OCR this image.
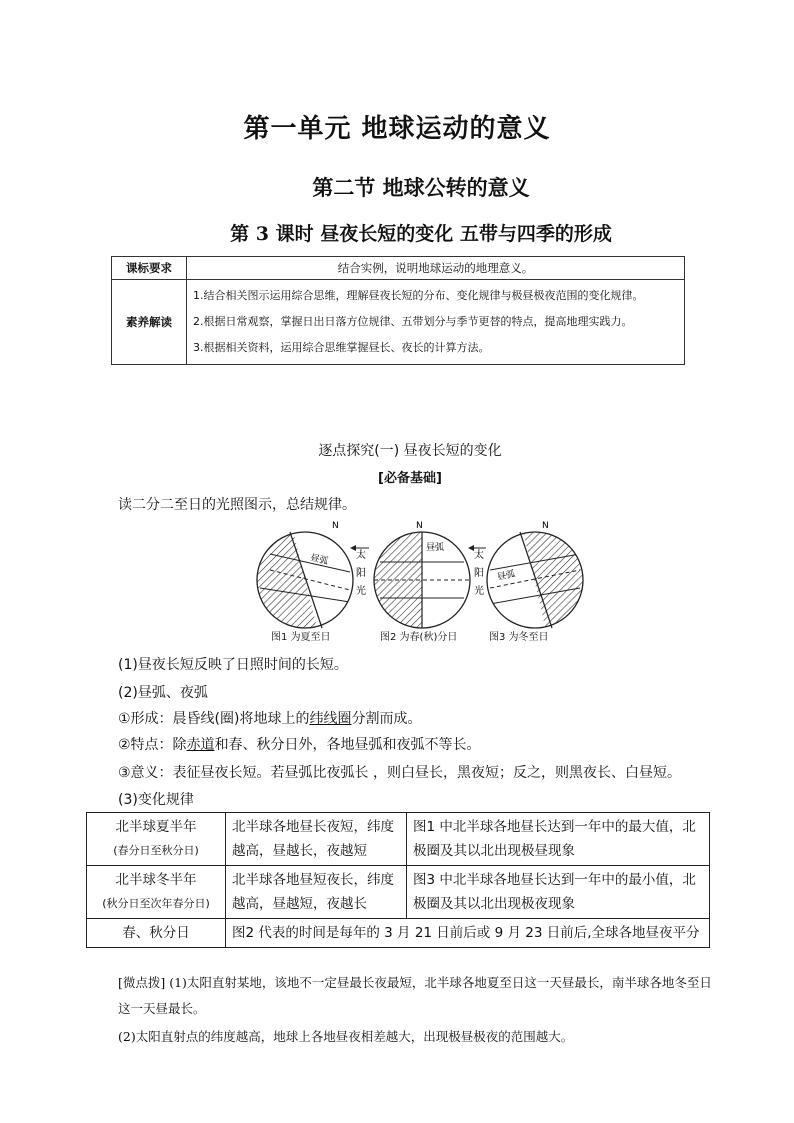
第一单元 地球运动的意义
第二节 地球公转的意义
第 3 课时 昼夜长短的变化 五带与四季的形成
课标要求	结合实例，说明地球运动的地理意义。
素养解读	1.结合相关图示运用综合思维，理解昼夜长短的分布、变化规律与极昼极夜范围的变化规律。
2.根据日常观察，掌握日出日落方位规律、五带划分与季节更替的特点，提高地理实践力。
3.根据相关资料，运用综合思维掌握昼长、夜长的计算方法。
逐点探究(一) 昼夜长短的变化
[必备基础]
读二分二至日的光照图示，总结规律。
N
昼弧	太
阳
光
N
昼弧
太
阳
光
N
昼弧
图1 为夏至日	图2 为春(秋)分日	图3 为冬至日
(1)昼夜长短反映了日照时间的长短。
(2)昼弧、夜弧
①形成：晨昏线(圈)将地球上的纬线圈分割而成。
②特点：除赤道和春、秋分日外，各地昼弧和夜弧不等长。
③意义：表征昼夜长短。若昼弧比夜弧长 ，则白昼长，黑夜短；反之，则黑夜长、白昼短。
(3)变化规律
北半球夏半年
(春分日至秋分日)	北半球各地昼长夜短，纬度越高，昼越长，夜越短	图1 中北半球各地昼长达到一年中的最大值，北极圈及其以北出现极昼现象

北半球冬半年
(秋分日至次年春分日)	北半球各地昼短夜长，纬度越高，昼越短，夜越长	图3 中北半球各地昼长达到一年中的最小值，北极圈及其以北出现极夜现象
春、秋分日	图2 代表的时间是每年的 3 月 21 日前后或 9 月 23 日前后,全球各地昼夜平分	
[微点拨] (1)太阳直射某地，该地不一定昼最长夜最短，北半球各地夏至日这一天昼最长，南半球各地冬至日这一天昼最长。
(2)太阳直射点的纬度越高，地球上各地昼夜相差越大，出现极昼极夜的范围越大。
